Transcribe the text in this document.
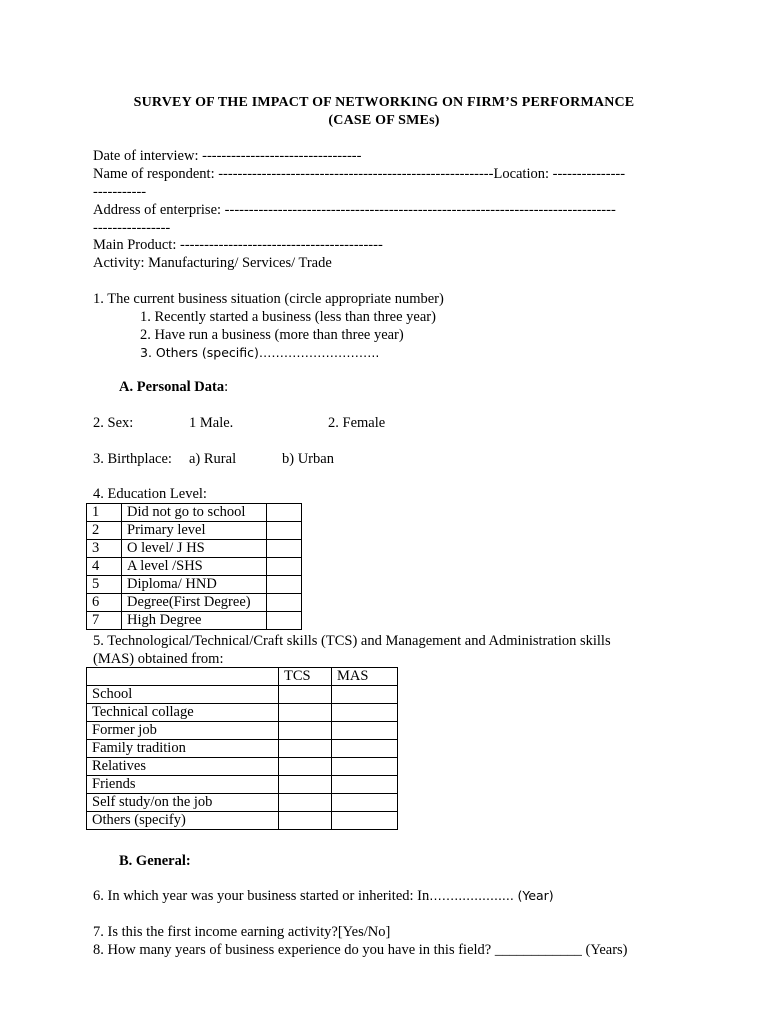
SURVEY OF THE IMPACT OF NETWORKING ON FIRM’S PERFORMANCE
(CASE OF SMEs)
Date of interview: ---------------------------------
Name of respondent: ---------------------------------------------------------Location: ---------------
-----------
Address of enterprise: ---------------------------------------------------------------------------------
----------------
Main Product: ------------------------------------------
Activity: Manufacturing/ Services/ Trade
1. The current business situation (circle appropriate number)
1. Recently started a business (less than three year)
2. Have run a business (more than three year)
3. Others (specific)………………………..
A. Personal Data:
2. Sex:	1 Male.	2. Female
3. Birthplace: a) Rural	b) Urban
4. Education Level:
1	Did not go to school	
2	Primary level	
3	O level/ J HS	
4	A level /SHS	
5	Diploma/ HND	
6	Degree(First Degree)	
7	High Degree	
5. Technological/Technical/Craft skills (TCS) and Management and Administration skills
(MAS) obtained from:
	TCS	MAS
School		
Technical collage		
Former job		
Family tradition		
Relatives		
Friends		
Self study/on the job		
Others (specify)		
B. General:
6. In which year was your business started or inherited: In……............... (Year)
7. Is this the first income earning activity?[Yes/No]
8. How many years of business experience do you have in this field? ____________ (Years)
